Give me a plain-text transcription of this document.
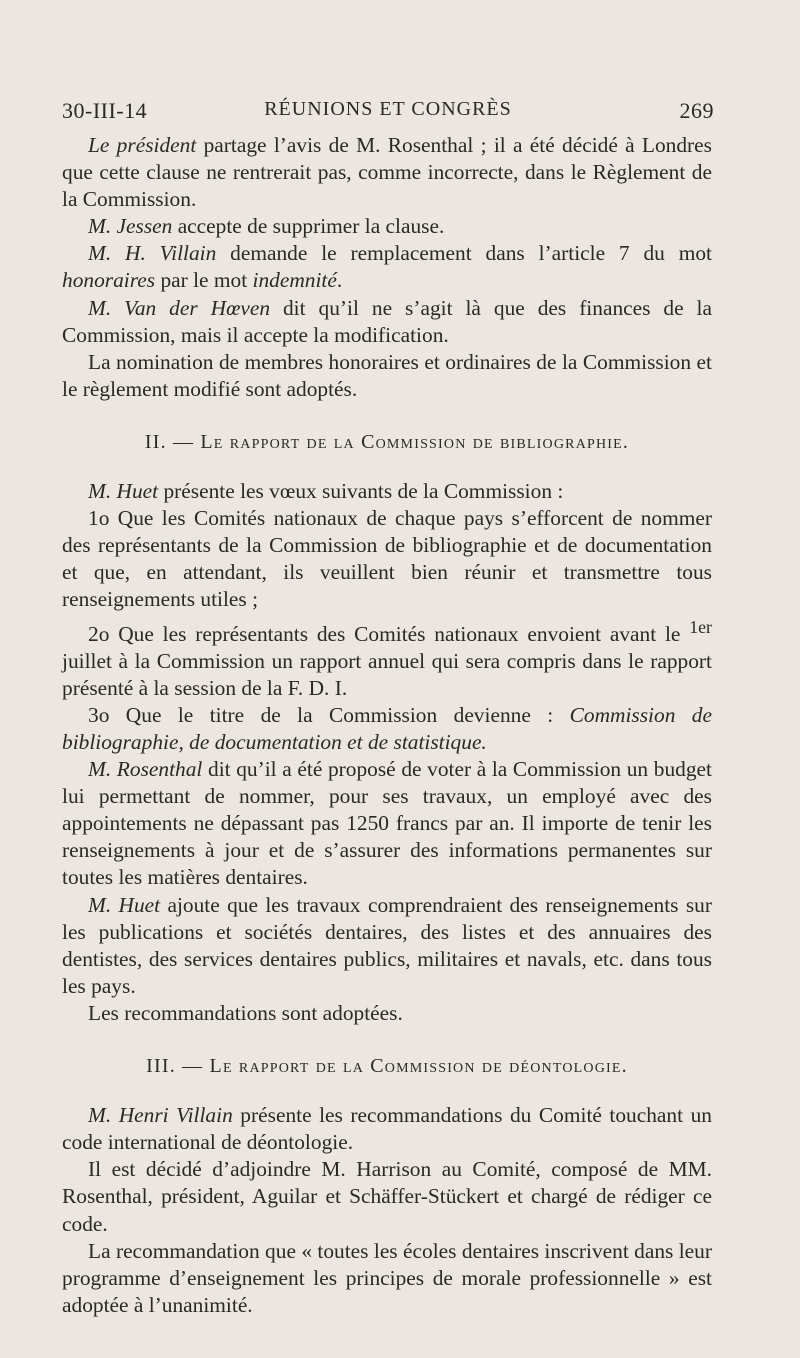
30-III-14	RÉUNIONS ET CONGRÈS	269

Le président partage l’avis de M. Rosenthal ; il a été décidé à Londres que cette clause ne rentrerait pas, comme incorrecte, dans le Règlement de la Commission.

M. Jessen accepte de supprimer la clause.

M. H. Villain demande le remplacement dans l’article 7 du mot honoraires par le mot indemnité.

M. Van der Hœven dit qu’il ne s’agit là que des finances de la Commission, mais il accepte la modification.

La nomination de membres honoraires et ordinaires de la Commission et le règlement modifié sont adoptés.

II. — Le rapport de la Commission de bibliographie.

M. Huet présente les vœux suivants de la Commission :

1o Que les Comités nationaux de chaque pays s’efforcent de nommer des représentants de la Commission de bibliographie et de documentation et que, en attendant, ils veuillent bien réunir et transmettre tous renseignements utiles ;

2o Que les représentants des Comités nationaux envoient avant le $^{1er}$ juillet à la Commission un rapport annuel qui sera compris dans le rapport présenté à la session de la F. D. I.

3o Que le titre de la Commission devienne : Commission de bibliographie, de documentation et de statistique.

M. Rosenthal dit qu’il a été proposé de voter à la Commission un budget lui permettant de nommer, pour ses travaux, un employé avec des appointements ne dépassant pas 1250 francs par an. Il importe de tenir les renseignements à jour et de s’assurer des informations permanentes sur toutes les matières dentaires.

M. Huet ajoute que les travaux comprendraient des renseignements sur les publications et sociétés dentaires, des listes et des annuaires des dentistes, des services dentaires publics, militaires et navals, etc. dans tous les pays.

Les recommandations sont adoptées.

III. — Le rapport de la Commission de déontologie.

M. Henri Villain présente les recommandations du Comité touchant un code international de déontologie.

Il est décidé d’adjoindre M. Harrison au Comité, composé de MM. Rosenthal, président, Aguilar et Schäffer-Stückert et chargé de rédiger ce code.

La recommandation que « toutes les écoles dentaires inscrivent dans leur programme d’enseignement les principes de morale professionnelle » est adoptée à l’unanimité.
